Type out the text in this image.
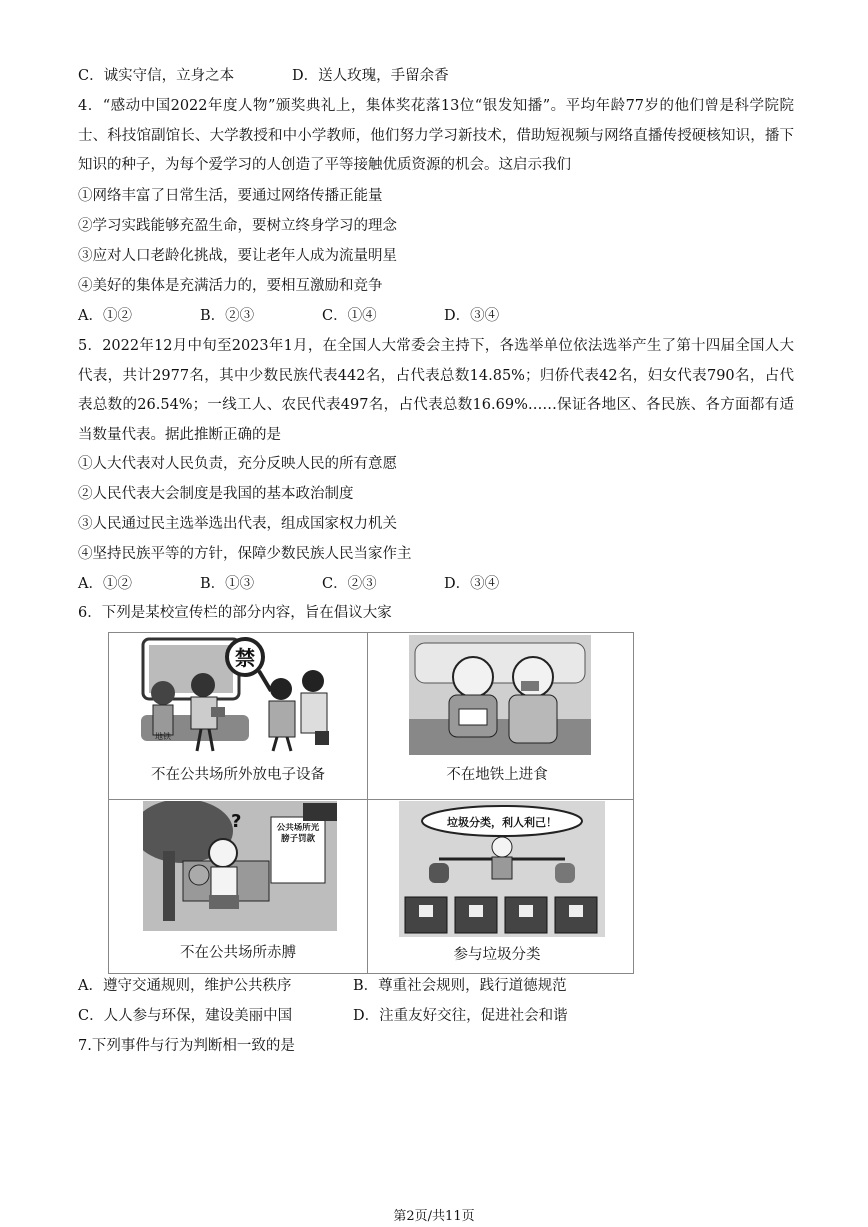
C．诚实守信，立身之本	D．送人玫瑰，手留余香
4．“感动中国2022年度人物”颁奖典礼上，集体奖花落13位“银发知播”。平均年龄77岁的他们曾是科学院院士、科技馆副馆长、大学教授和中小学教师，他们努力学习新技术，借助短视频与网络直播传授硬核知识，播下知识的种子，为每个爱学习的人创造了平等接触优质资源的机会。这启示我们
①网络丰富了日常生活，要通过网络传播正能量
②学习实践能够充盈生命，要树立终身学习的理念
③应对人口老龄化挑战，要让老年人成为流量明星
④美好的集体是充满活力的，要相互激励和竞争
A．①②	B．②③	C．①④	D．③④
5．2022年12月中旬至2023年1月，在全国人大常委会主持下，各选举单位依法选举产生了第十四届全国人大代表，共计2977名，其中少数民族代表442名，占代表总数14.85%；归侨代表42名，妇女代表790名，占代表总数的26.54%；一线工人、农民代表497名，占代表总数16.69%……保证各地区、各民族、各方面都有适当数量代表。据此推断正确的是
①人大代表对人民负责，充分反映人民的所有意愿
②人民代表大会制度是我国的基本政治制度
③人民通过民主选举选出代表，组成国家权力机关
④坚持民族平等的方针，保障少数民族人民当家作主
A．①②	B．①③	C．②③	D．③④
6．下列是某校宣传栏的部分内容，旨在倡议大家
禁
地铁
不在公共场所外放电子设备	不在地铁上进食
?	公共场所光膀子罚款
不在公共场所赤膊
垃圾分类，利人利己！
参与垃圾分类
A．遵守交通规则，维护公共秩序	B．尊重社会规则，践行道德规范
C．人人参与环保，建设美丽中国	D．注重友好交往，促进社会和谐
7.下列事件与行为判断相一致的是
第2页/共11页
